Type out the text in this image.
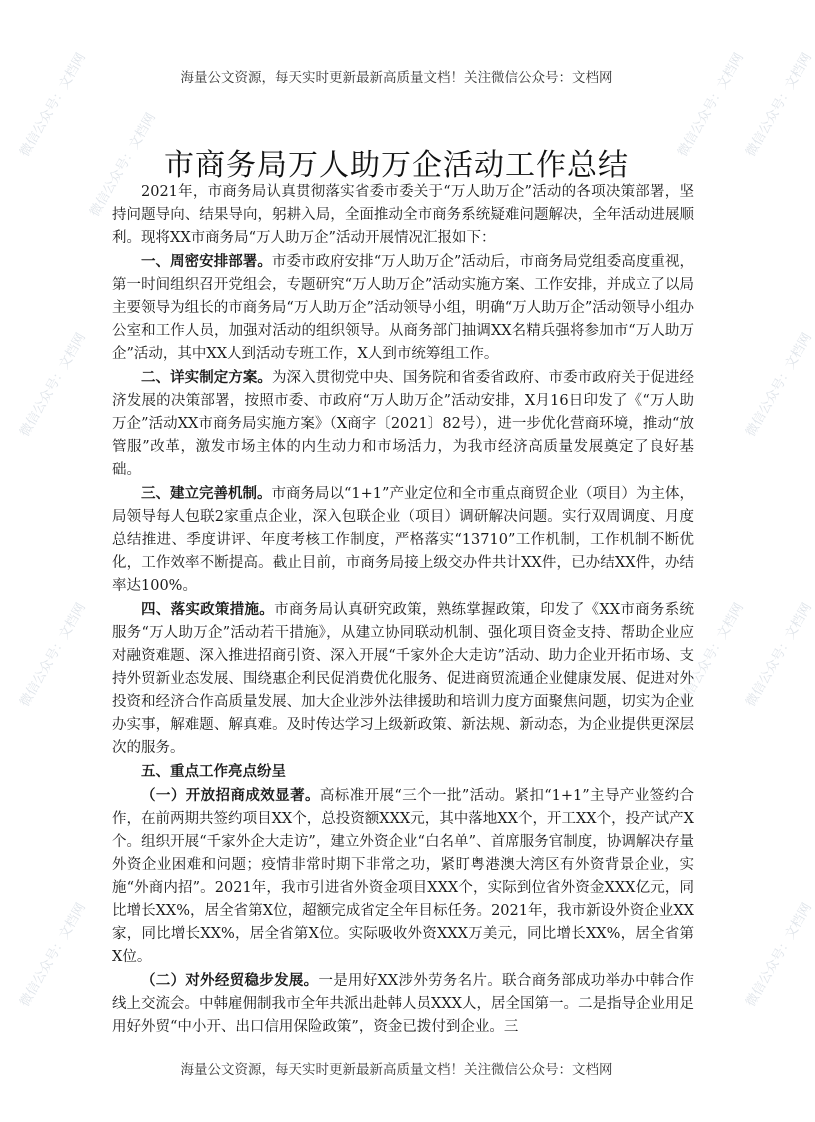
海量公文资源，每天实时更新最新高质量文档！关注微信公众号：文档网
微信公众号：文档网
微信公众号：文档网
微信公众号：文档网
微信公众号：文档网
微信公众号：文档网	微信公众号：文档网
微信公众号：文档网	微信公众号：文档网
微信公众号：文档网
微信公众号：文档网	微信公众号：文档网
市商务局万人助万企活动工作总结

2021年，市商务局认真贯彻落实省委市委关于“万人助万企”活动的各项决策部署，坚持问题导向、结果导向，躬耕入局，全面推动全市商务系统疑难问题解决，全年活动进展顺利。现将XX市商务局“万人助万企”活动开展情况汇报如下：

一、周密安排部署。市委市政府安排“万人助万企”活动后，市商务局党组委高度重视，第一时间组织召开党组会，专题研究“万人助万企”活动实施方案、工作安排，并成立了以局主要领导为组长的市商务局“万人助万企”活动领导小组，明确“万人助万企”活动领导小组办公室和工作人员，加强对活动的组织领导。从商务部门抽调XX名精兵强将参加市“万人助万企”活动，其中XX人到活动专班工作，X人到市统筹组工作。

二、详实制定方案。为深入贯彻党中央、国务院和省委省政府、市委市政府关于促进经济发展的决策部署，按照市委、市政府“万人助万企”活动安排，X月16日印发了《“万人助万企”活动XX市商务局实施方案》（X商字〔2021〕82号），进一步优化营商环境，推动“放管服”改革，激发市场主体的内生动力和市场活力，为我市经济高质量发展奠定了良好基础。

三、建立完善机制。市商务局以“1+1”产业定位和全市重点商贸企业（项目）为主体，局领导每人包联2家重点企业，深入包联企业（项目）调研解决问题。实行双周调度、月度总结推进、季度讲评、年度考核工作制度，严格落实“13710”工作机制，工作机制不断优化，工作效率不断提高。截止目前，市商务局接上级交办件共计XX件，已办结XX件，办结率达100%。

四、落实政策措施。市商务局认真研究政策，熟练掌握政策，印发了《XX市商务系统服务“万人助万企”活动若干措施》，从建立协同联动机制、强化项目资金支持、帮助企业应对融资难题、深入推进招商引资、深入开展“千家外企大走访”活动、助力企业开拓市场、支持外贸新业态发展、围绕惠企利民促消费优化服务、促进商贸流通企业健康发展、促进对外投资和经济合作高质量发展、加大企业涉外法律援助和培训力度方面聚焦问题，切实为企业办实事，解难题、解真难。及时传达学习上级新政策、新法规、新动态，为企业提供更深层次的服务。

五、重点工作亮点纷呈

（一）开放招商成效显著。高标准开展“三个一批”活动。紧扣“1+1”主导产业签约合作，在前两期共签约项目XX个，总投资额XXX元，其中落地XX个，开工XX个，投产试产X个。组织开展“千家外企大走访”，建立外资企业“白名单”、首席服务官制度，协调解决存量外资企业困难和问题；疫情非常时期下非常之功，紧盯粤港澳大湾区有外资背景企业，实施“外商内招”。2021年，我市引进省外资金项目XXX个，实际到位省外资金XXX亿元，同比增长XX%，居全省第X位，超额完成省定全年目标任务。2021年，我市新设外资企业XX家，同比增长XX%，居全省第X位。实际吸收外资XXX万美元，同比增长XX%，居全省第X位。

（二）对外经贸稳步发展。一是用好XX涉外劳务名片。联合商务部成功举办中韩合作线上交流会。中韩雇佣制我市全年共派出赴韩人员XXX人，居全国第一。二是指导企业用足用好外贸“中小开、出口信用保险政策”，资金已拨付到企业。三

海量公文资源，每天实时更新最新高质量文档！关注微信公众号：文档网
